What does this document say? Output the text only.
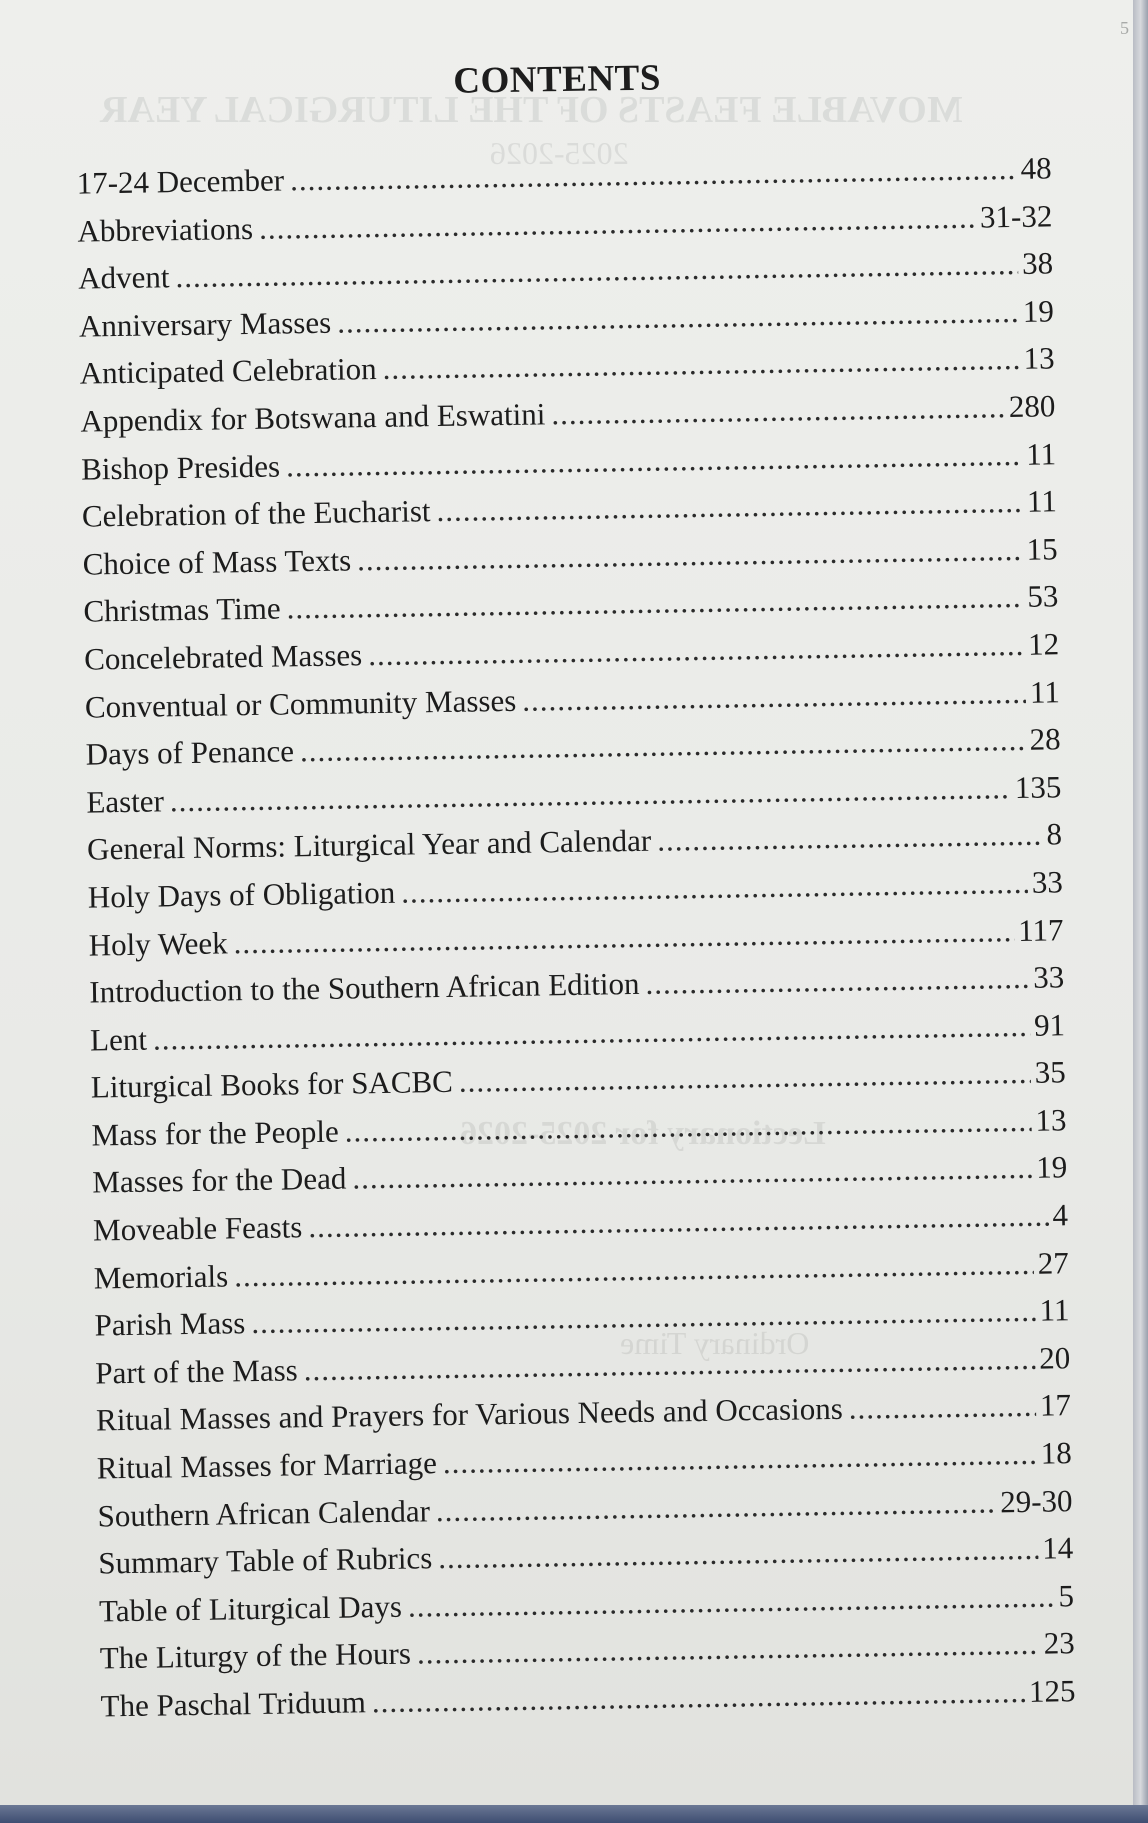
MOVABLE FEASTS OF THE LITURGICAL YEAR
2025-2026
Lectionary for 2025-2026
Ordinary Time
CONTENTS
17-24 December .....	48
Abbreviations .....	31-32
Advent .....	38
Anniversary Masses .....	19
Anticipated Celebration .....	13
Appendix for Botswana and Eswatini .....	280
Bishop Presides .....	11
Celebration of the Eucharist .....	11
Choice of Mass Texts .....	15
Christmas Time .....	53
Concelebrated Masses .....	12
Conventual or Community Masses .....	11
Days of Penance .....	28
Easter .....	135
General Norms: Liturgical Year and Calendar .....	8
Holy Days of Obligation .....	33
Holy Week .....	117
Introduction to the Southern African Edition .....	33
Lent .....	91
Liturgical Books for SACBC .....	35
Mass for the People .....	13
Masses for the Dead .....	19
Moveable Feasts .....	4
Memorials .....	27
Parish Mass .....	11
Part of the Mass .....	20
Ritual Masses and Prayers for Various Needs and Occasions .....	17
Ritual Masses for Marriage .....	18
Southern African Calendar .....	29-30
Summary Table of Rubrics .....	14
Table of Liturgical Days .....	5
The Liturgy of the Hours .....	23
The Paschal Triduum .....	125
5
